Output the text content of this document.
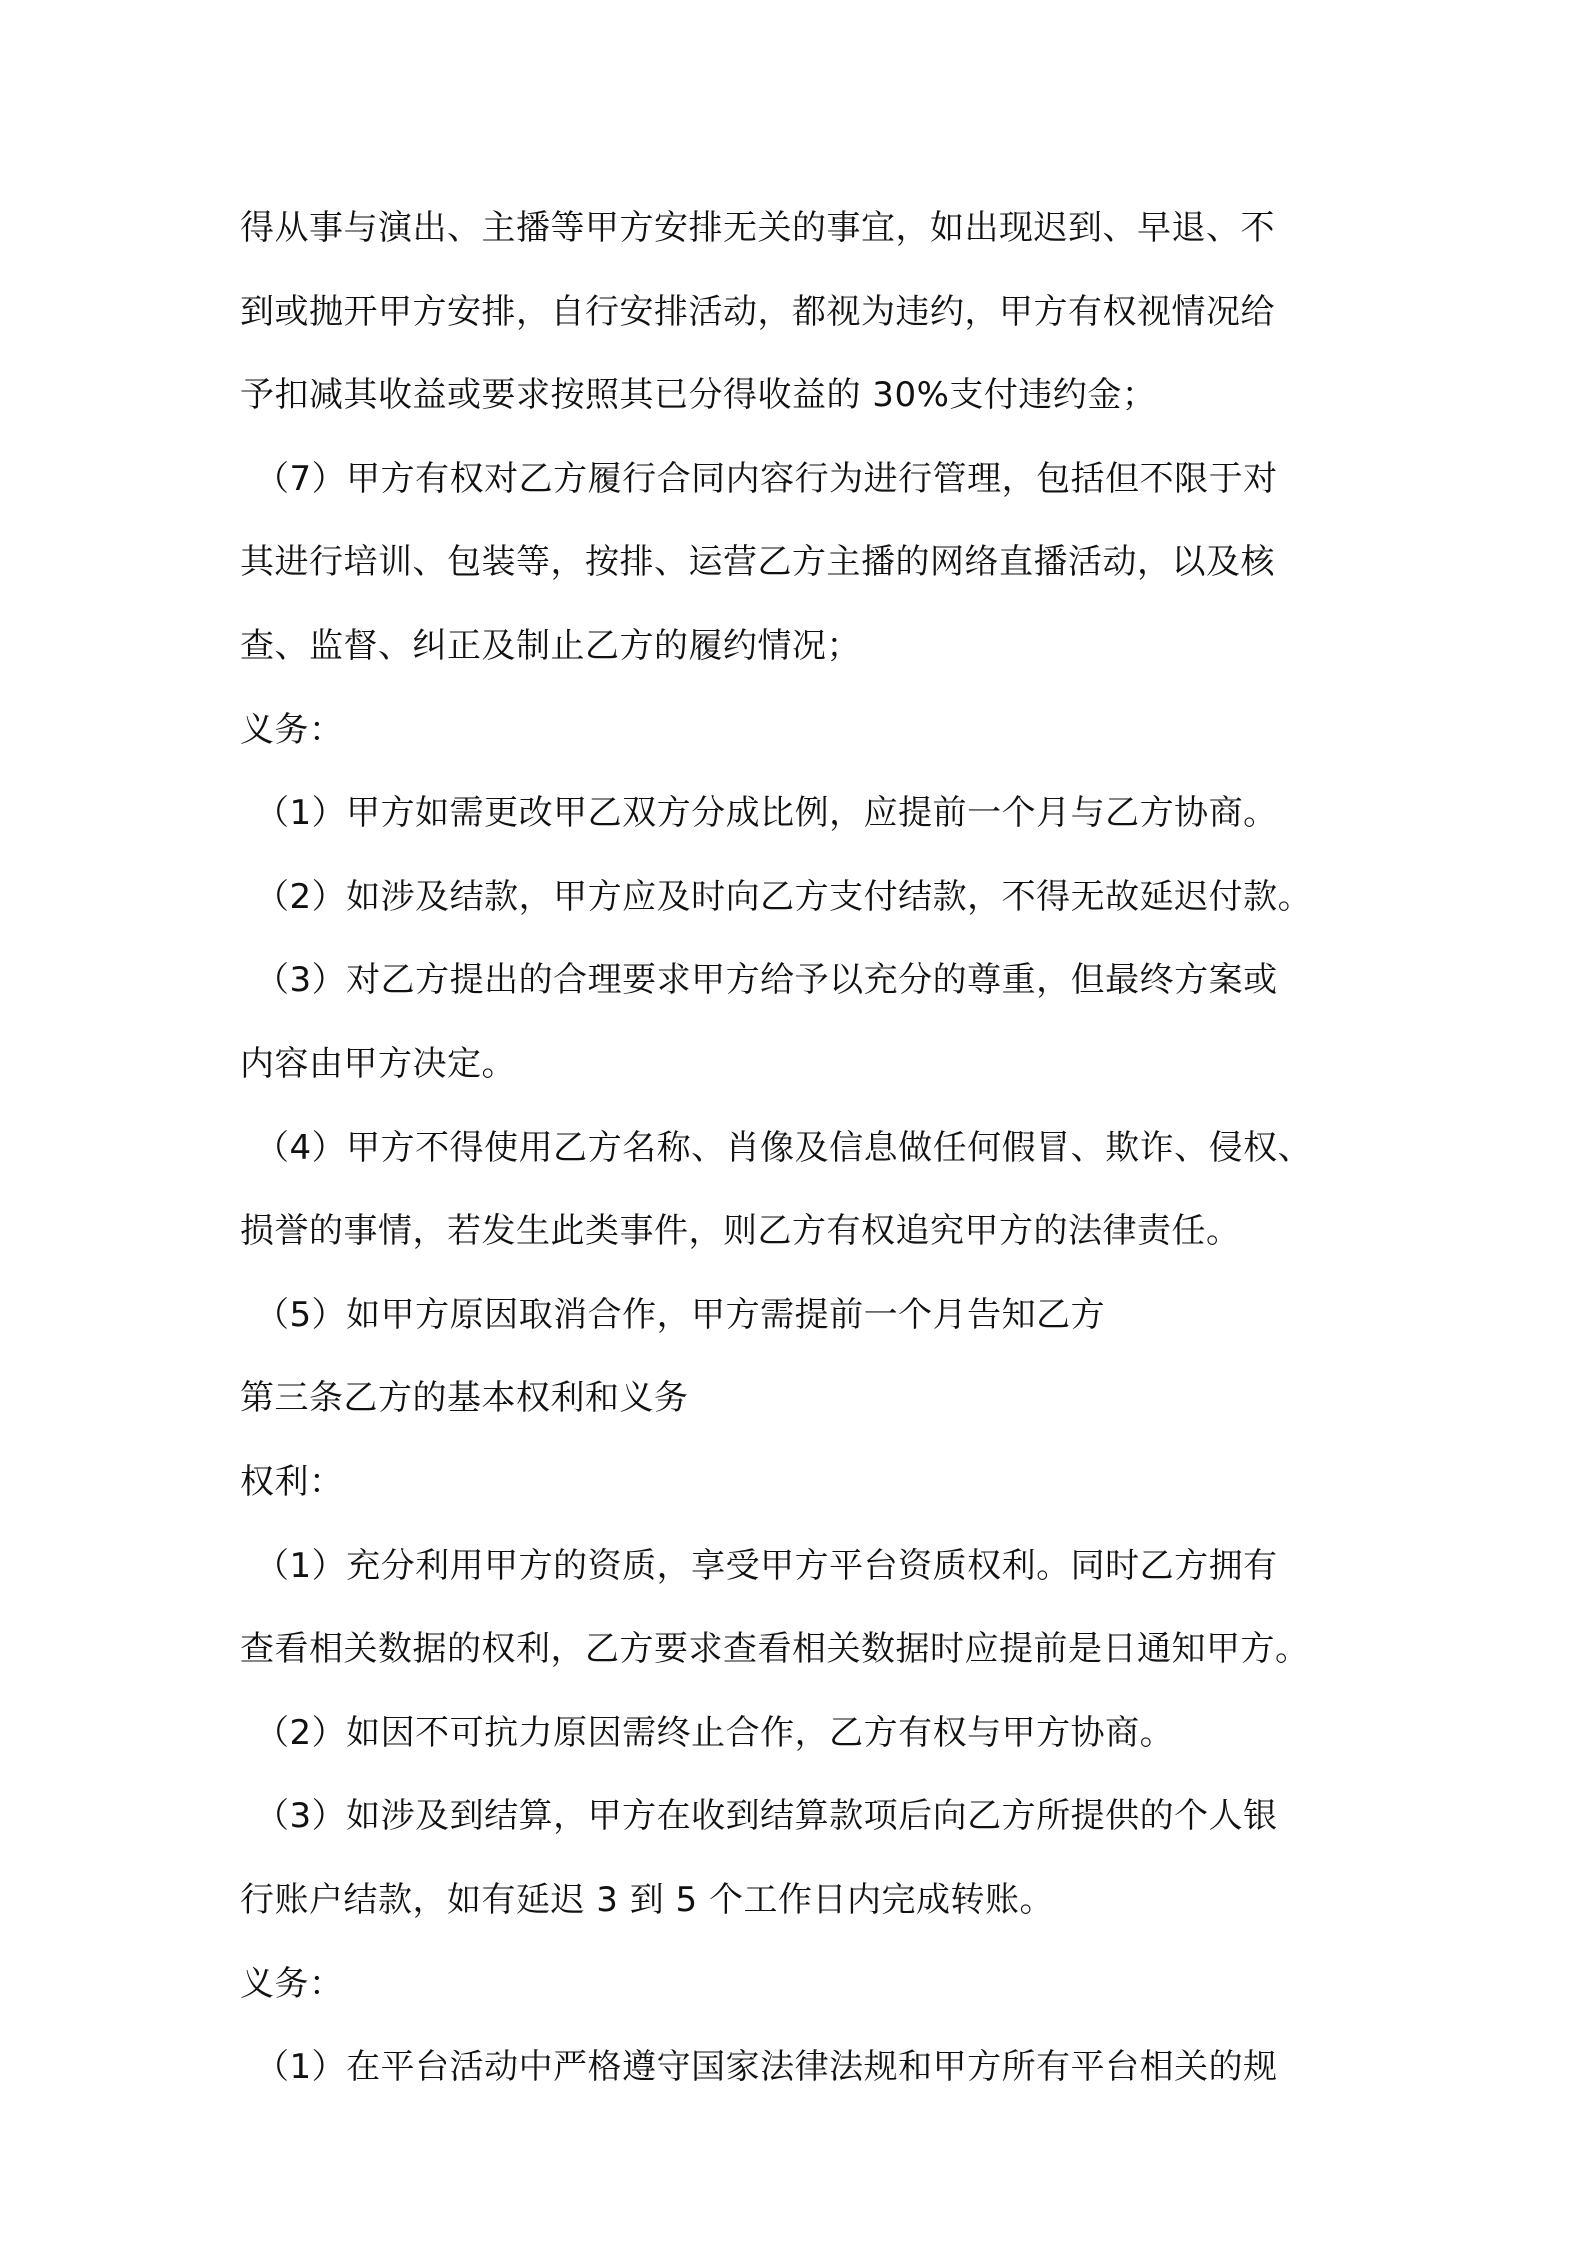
得从事与演出、主播等甲方安排无关的事宜，如出现迟到、早退、不
到或抛开甲方安排，自行安排活动，都视为违约，甲方有权视情况给
予扣减其收益或要求按照其已分得收益的 30%支付违约金；
（7）甲方有权对乙方履行合同内容行为进行管理，包括但不限于对
其进行培训、包装等，按排、运营乙方主播的网络直播活动，以及核
查、监督、纠正及制止乙方的履约情况；
义务：
（1）甲方如需更改甲乙双方分成比例，应提前一个月与乙方协商。
（2）如涉及结款，甲方应及时向乙方支付结款，不得无故延迟付款。
（3）对乙方提出的合理要求甲方给予以充分的尊重，但最终方案或
内容由甲方决定。
（4）甲方不得使用乙方名称、肖像及信息做任何假冒、欺诈、侵权、
损誉的事情，若发生此类事件，则乙方有权追究甲方的法律责任。
（5）如甲方原因取消合作，甲方需提前一个月告知乙方
第三条乙方的基本权利和义务
权利：
（1）充分利用甲方的资质，享受甲方平台资质权利。同时乙方拥有
查看相关数据的权利，乙方要求查看相关数据时应提前是日通知甲方。
（2）如因不可抗力原因需终止合作，乙方有权与甲方协商。
（3）如涉及到结算，甲方在收到结算款项后向乙方所提供的个人银
行账户结款，如有延迟 3 到 5 个工作日内完成转账。
义务：
（1）在平台活动中严格遵守国家法律法规和甲方所有平台相关的规
